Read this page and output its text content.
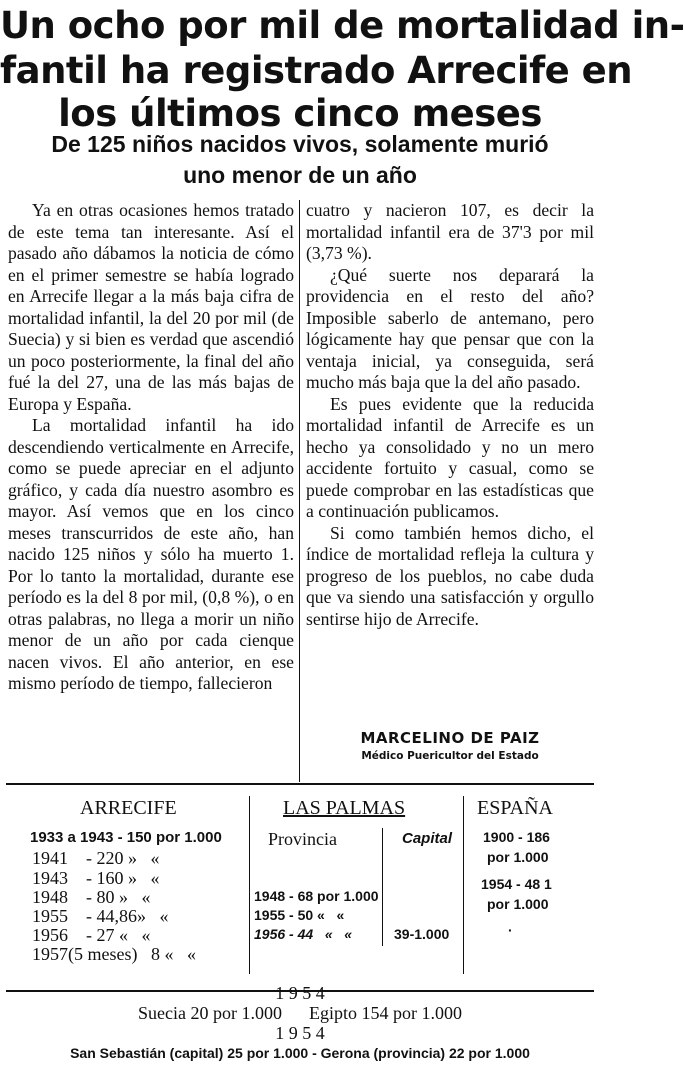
Un ocho por mil de mortalidad in-
fantil ha registrado Arrecife en
los últimos cinco meses
De 125 niños nacidos vivos, solamente murió
uno menor de un año

Ya en otras ocasiones hemos tratado de este tema tan interesante. Así el pasado año dábamos la noticia de cómo en el primer semestre se había logrado en Arrecife llegar a la más baja cifra de mortalidad infantil, la del 20 por mil (de Suecia) y si bien es verdad que ascendió un poco posteriormente, la final del año fué la del 27, una de las más bajas de Europa y España.

La mortalidad infantil ha ido descendiendo verticalmente en Arrecife, como se puede apreciar en el adjunto gráfico, y cada día nuestro asombro es mayor. Así vemos que en los cinco meses transcurridos de este año, han nacido 125 niños y sólo ha muerto 1. Por lo tanto la mortalidad, durante ese período es la del 8 por mil, (0,8 %), o en otras palabras, no llega a morir un niño menor de un año por cada cienque nacen vivos. El año anterior, en ese mismo período de tiempo, fallecieron

cuatro y nacieron 107, es decir la mortalidad infantil era de 37'3 por mil (3,73 %).

¿Qué suerte nos deparará la providencia en el resto del año? Imposible saberlo de antemano, pero lógicamente hay que pensar que con la ventaja inicial, ya conseguida, será mucho más baja que la del año pasado.

Es pues evidente que la reducida mortalidad infantil de Arrecife es un hecho ya consolidado y no un mero accidente fortuito y casual, como se puede comprobar en las estadísticas que a continuación publicamos.

Si como también hemos dicho, el índice de mortalidad refleja la cultura y progreso de los pueblos, no cabe duda que va siendo una satisfacción y orgullo sentirse hijo de Arrecife.

MARCELINO DE PAIZ
Médico Puericultor del Estado
ARRECIFE
1933 a 1943 - 150 por 1.000
1941    - 220 »   «
1943    - 160 »   «
1948    - 80 »   «
1955    - 44,86»   «
1956    - 27 «   «
1957(5 meses)   8 «   «
LAS PALMAS
Provincia	Capital
1948 - 68 por 1.000
1955 - 50 «   «
1956 - 44   «   «	39-1.000
ESPAÑA
1900 - 186
por 1.000
1954 - 48 1
por 1.000
·
1 9 5 4
Suecia 20 por 1.000      Egipto 154 por 1.000
1 9 5 4
San Sebastián (capital) 25 por 1.000 - Gerona (provincia) 22 por 1.000
